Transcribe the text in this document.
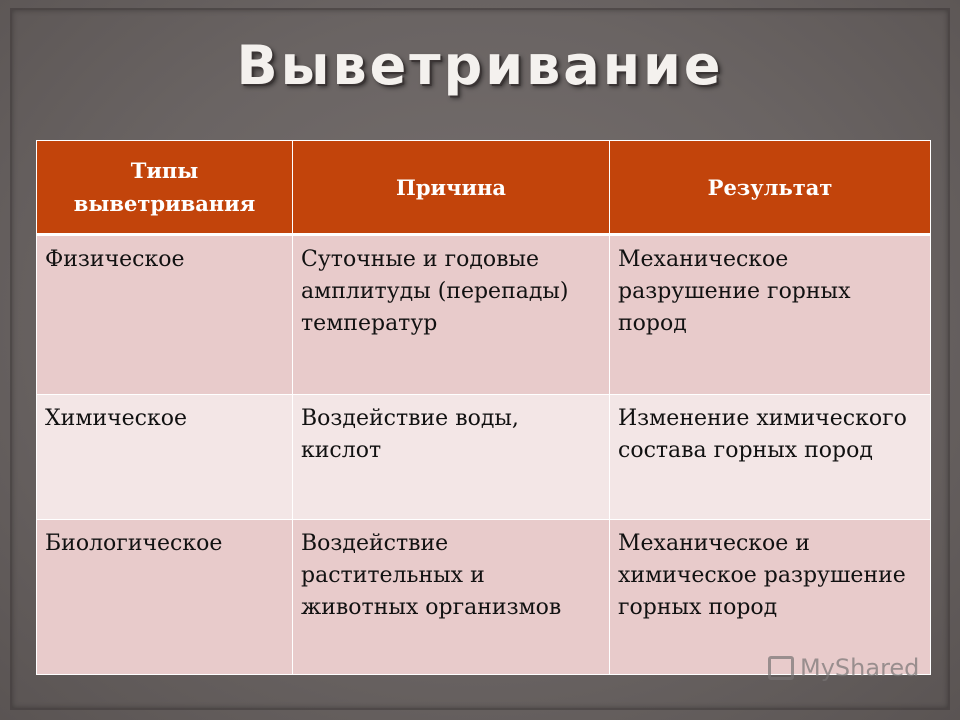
Выветривание
Типы выветривания	Причина	Результат
Физическое	Суточные и годовые амплитуды (перепады) температур	Механическое разрушение горных пород
Химическое	Воздействие воды, кислот	Изменение химического состава горных пород
Биологическое	Воздействие растительных и животных организмов	Механическое и химическое разрушение горных пород
MyShared
